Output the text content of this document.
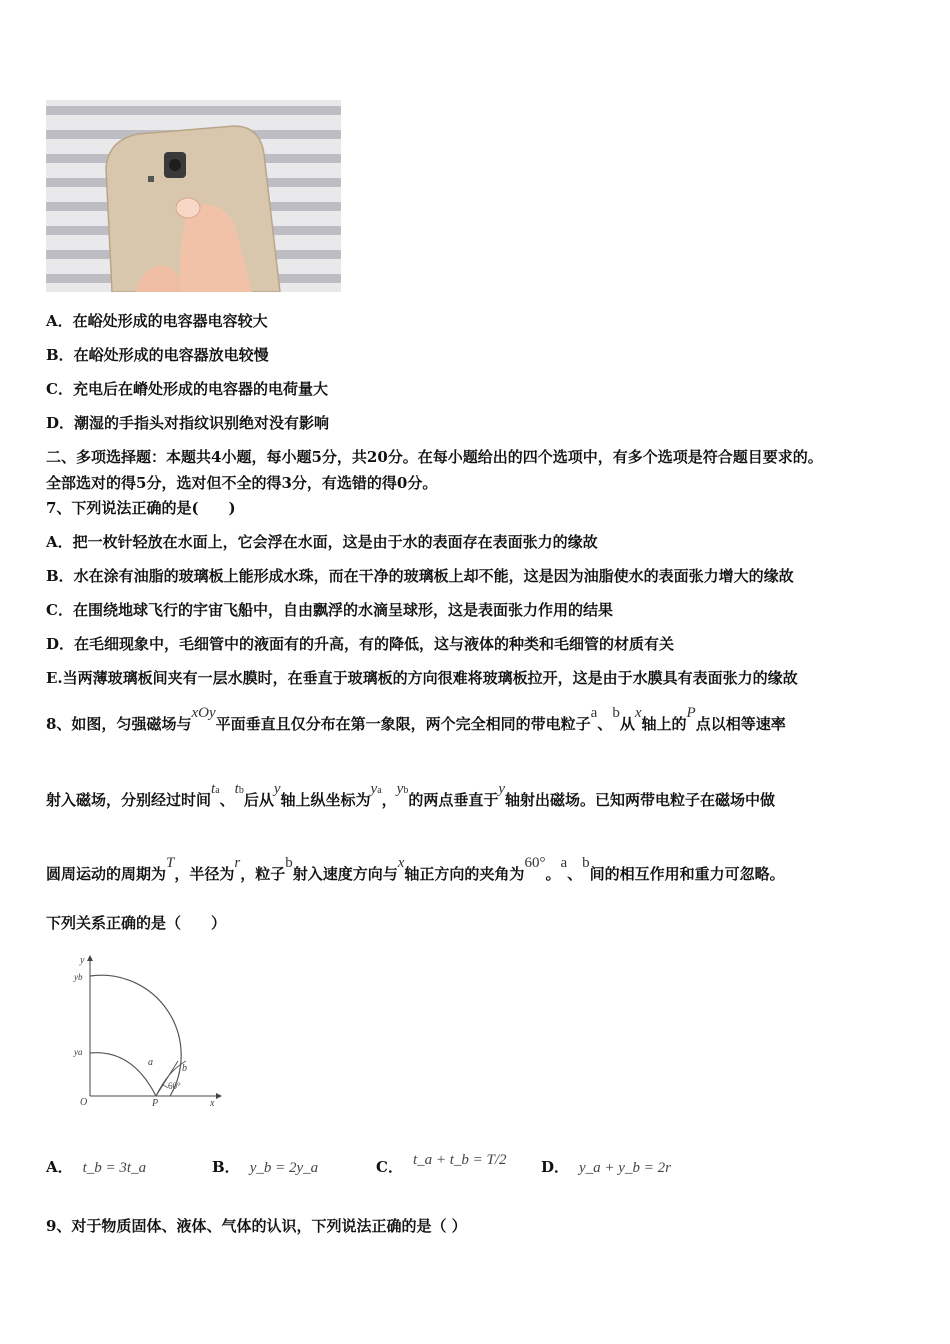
A．在峪处形成的电容器电容较大
B．在峪处形成的电容器放电较慢
C．充电后在嵴处形成的电容器的电荷量大
D．潮湿的手指头对指纹识别绝对没有影响
二、多项选择题：本题共4小题，每小题5分，共20分。在每小题给出的四个选项中，有多个选项是符合题目要求的。
全部选对的得5分，选对但不全的得3分，有选错的得0分。
7、下列说法正确的是(　　)
A．把一枚针轻放在水面上，它会浮在水面，这是由于水的表面存在表面张力的缘故
B．水在涂有油脂的玻璃板上能形成水珠，而在干净的玻璃板上却不能，这是因为油脂使水的表面张力增大的缘故
C．在围绕地球飞行的宇宙飞船中，自由飘浮的水滴呈球形，这是表面张力作用的结果
D．在毛细现象中，毛细管中的液面有的升高，有的降低，这与液体的种类和毛细管的材质有关
E.当两薄玻璃板间夹有一层水膜时，在垂直于玻璃板的方向很难将玻璃板拉开，这是由于水膜具有表面张力的缘故
8、如图，匀强磁场与xOy平面垂直且仅分布在第一象限，两个完全相同的带电粒子a、b从x轴上的P点以相等速率
射入磁场，分别经过时间ta、tb后从y轴上纵坐标为ya，yb的两点垂直于y轴射出磁场。已知两带电粒子在磁场中做
圆周运动的周期为T，半径为r，粒子b射入速度方向与x轴正方向的夹角为60°。a、b间的相互作用和重力可忽略。
下列关系正确的是（　　）
y
yb
ya
a
b
60°
O	P	x
A． t_b = 3t_a	B． y_b = 2y_a	C． t_a + t_b = T/2 D． y_a + y_b = 2r
9、对于物质固体、液体、气体的认识，下列说法正确的是（ ）
